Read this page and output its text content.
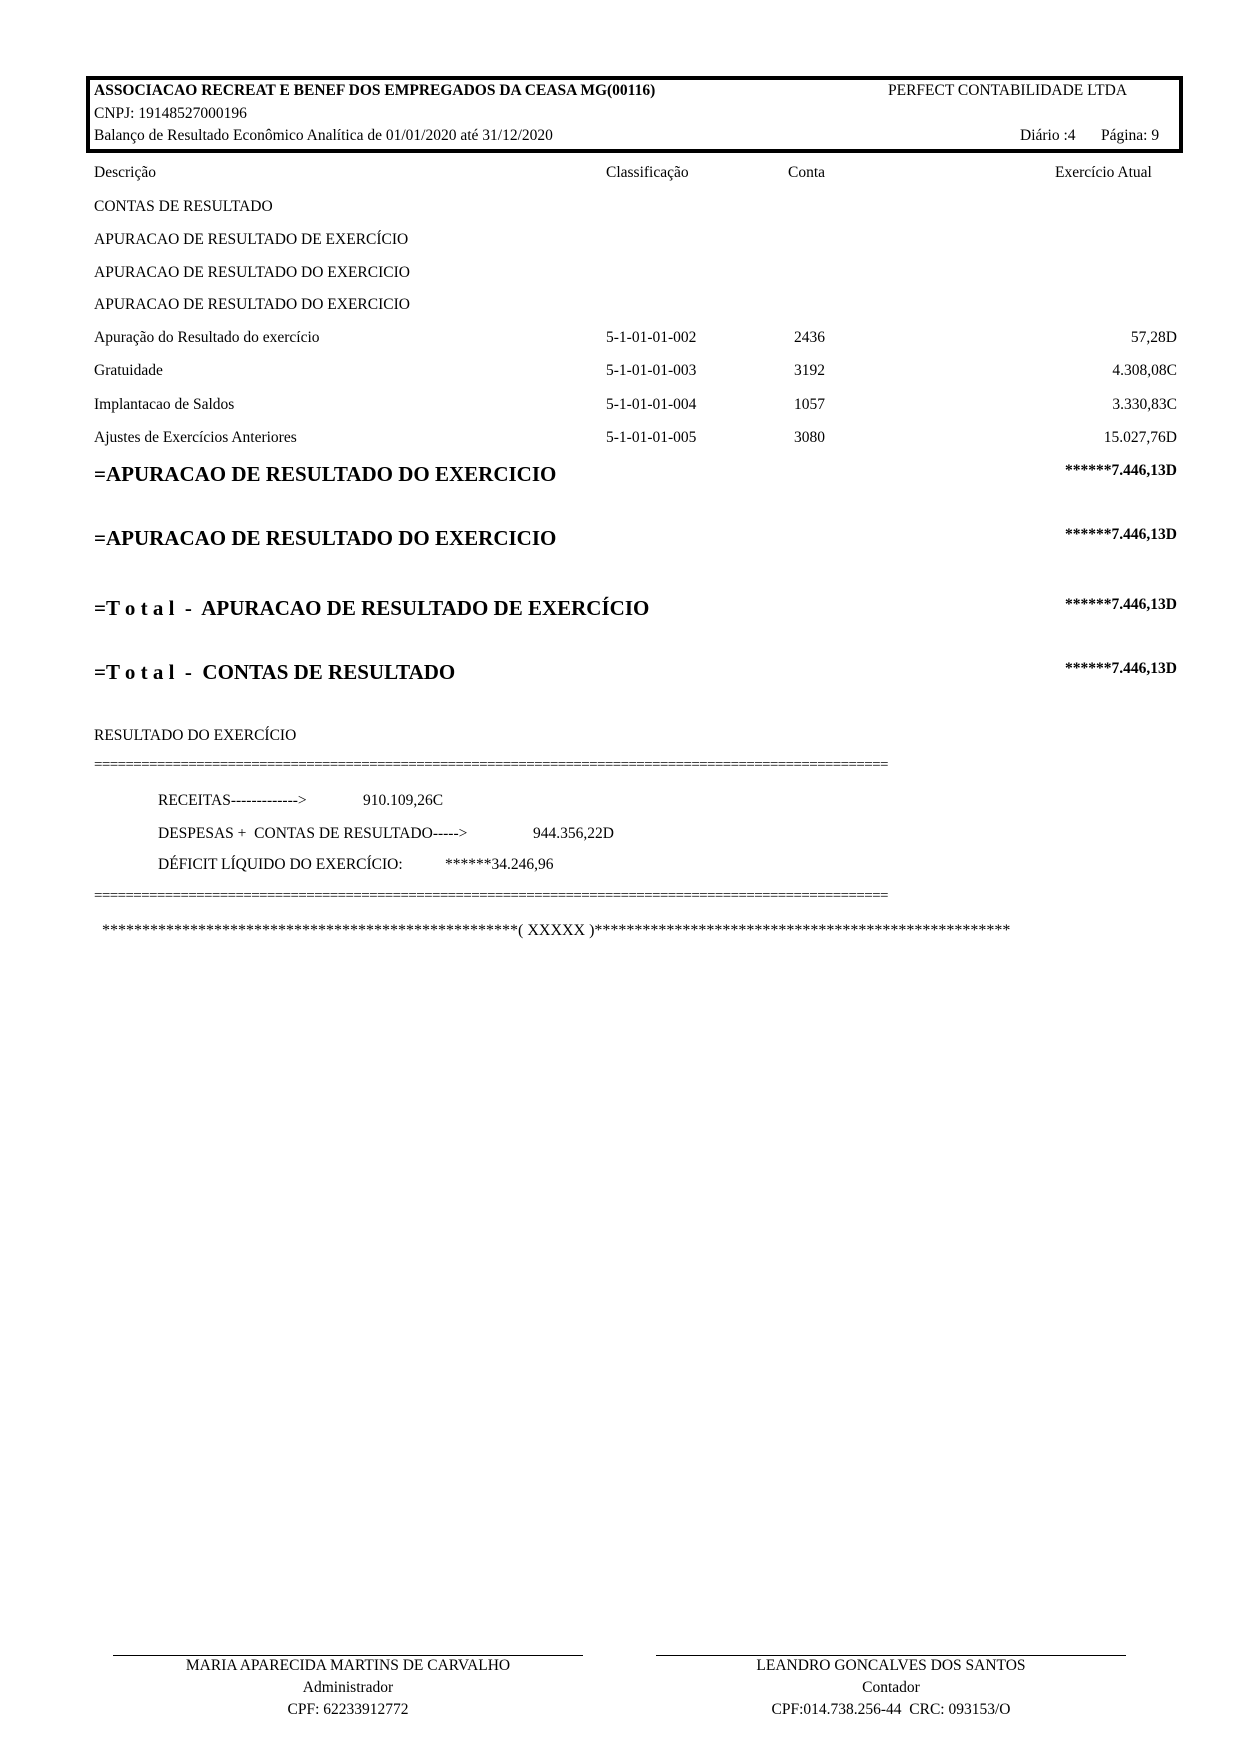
ASSOCIACAO RECREAT E BENEF DOS EMPREGADOS DA CEASA MG(00116)	PERFECT CONTABILIDADE LTDA
CNPJ: 19148527000196
Balanço de Resultado Econômico Analítica de 01/01/2020 até 31/12/2020	Diário :4 Página: 9
Descrição	Classificação	Conta	Exercício Atual
CONTAS DE RESULTADO
APURACAO DE RESULTADO DE EXERCÍCIO
APURACAO DE RESULTADO DO EXERCICIO
APURACAO DE RESULTADO DO EXERCICIO
Apuração do Resultado do exercício	5-1-01-01-002	2436	57,28D
Gratuidade	5-1-01-01-003	3192	4.308,08C
Implantacao de Saldos	5-1-01-01-004	1057	3.330,83C
Ajustes de Exercícios Anteriores	5-1-01-01-005	3080	15.027,76D
=APURACAO DE RESULTADO DO EXERCICIO	******7.446,13D
=APURACAO DE RESULTADO DO EXERCICIO	******7.446,13D
=T o t a l  -  APURACAO DE RESULTADO DE EXERCÍCIO	******7.446,13D
=T o t a l  -  CONTAS DE RESULTADO	******7.446,13D
RESULTADO DO EXERCÍCIO
=====================================================================================================
RECEITAS------------->	910.109,26C
DESPESAS +  CONTAS DE RESULTADO----->	944.356,22D
DÉFICIT LÍQUIDO DO EXERCÍCIO:	******34.246,96
=====================================================================================================
****************************************************( XXXXX )****************************************************
MARIA APARECIDA MARTINS DE CARVALHO
Administrador
CPF: 62233912772
LEANDRO GONCALVES DOS SANTOS
Contador
CPF:014.738.256-44  CRC: 093153/O
